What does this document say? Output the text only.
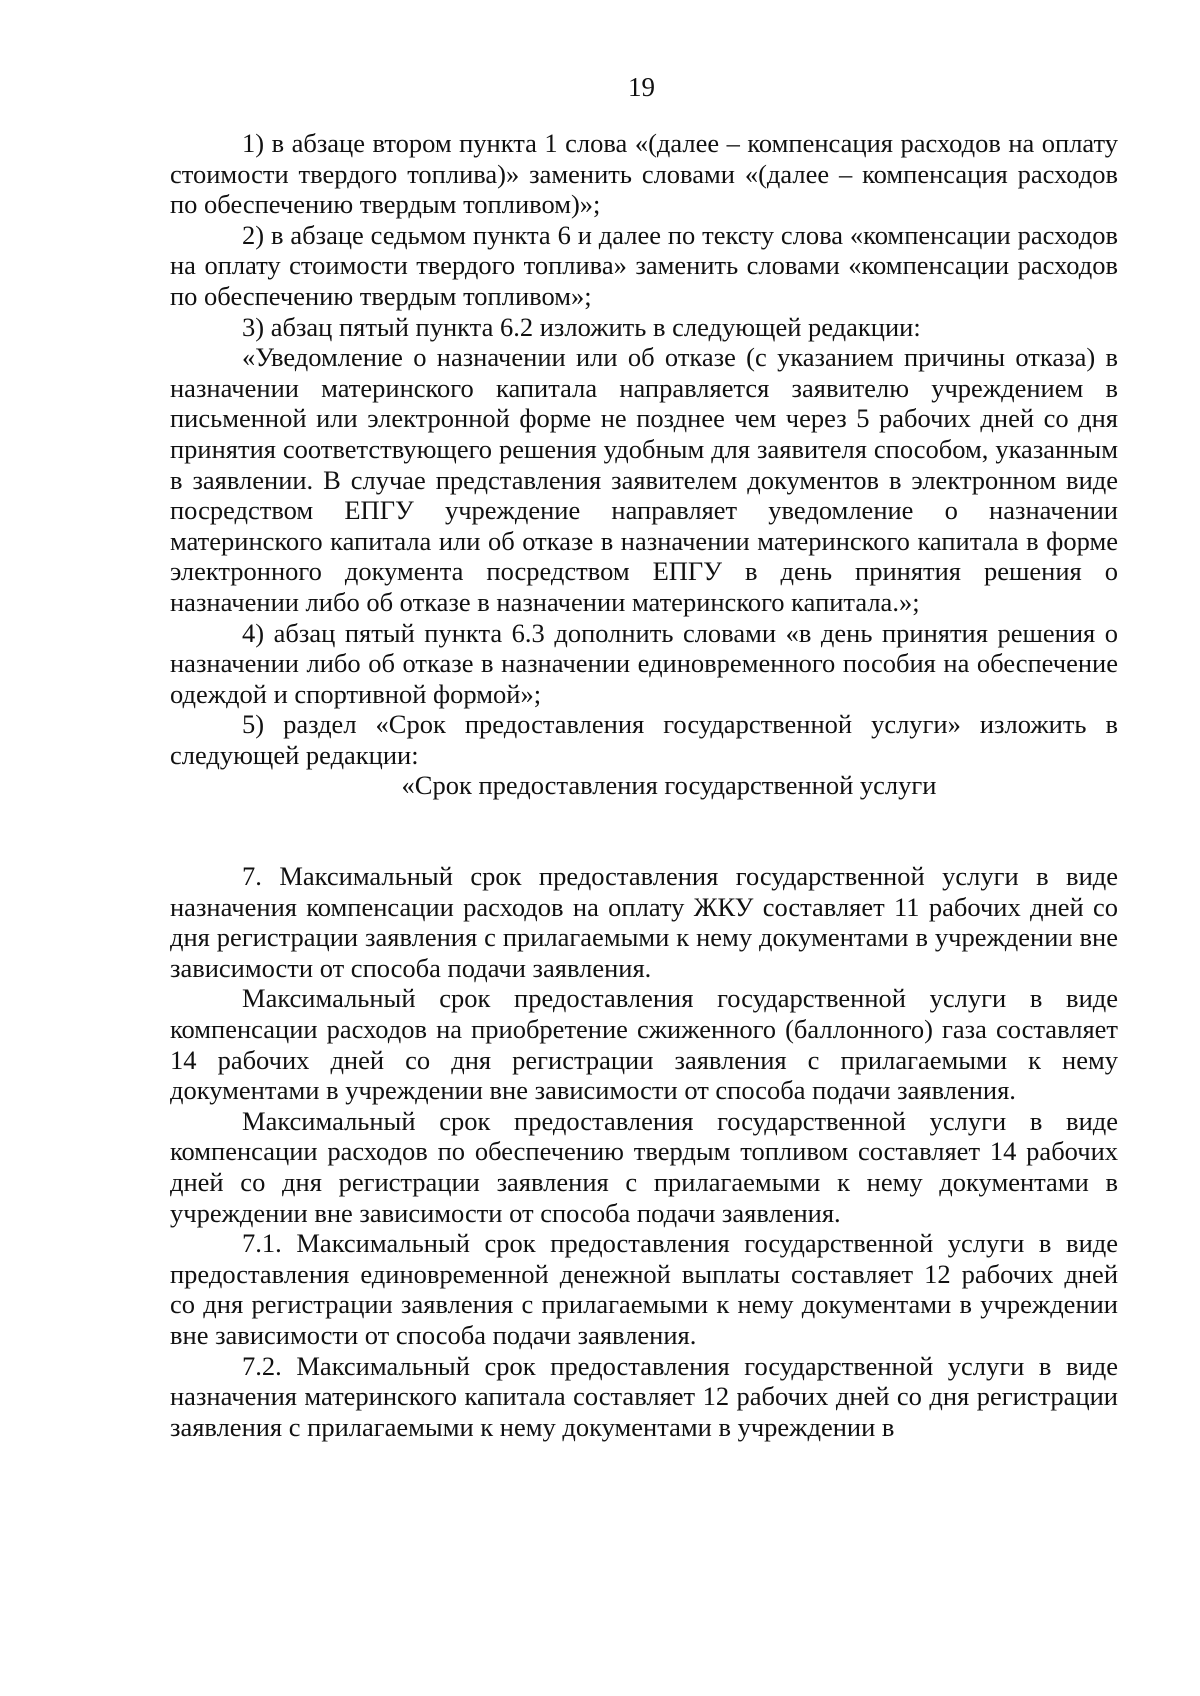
19

1) в абзаце втором пункта 1 слова «(далее – компенсация расходов на оплату стоимости твердого топлива)» заменить словами «(далее – компенсация расходов по обеспечению твердым топливом)»;

2) в абзаце седьмом пункта 6 и далее по тексту слова «компенсации расходов на оплату стоимости твердого топлива» заменить словами «компенсации расходов по обеспечению твердым топливом»;

3) абзац пятый пункта 6.2 изложить в следующей редакции:

«Уведомление о назначении или об отказе (с указанием причины отказа) в назначении материнского капитала направляется заявителю учреждением в письменной или электронной форме не позднее чем через 5 рабочих дней со дня принятия соответствующего решения удобным для заявителя способом, указанным в заявлении. В случае представления заявителем документов в электронном виде посредством ЕПГУ учреждение направляет уведомление о назначении материнского капитала или об отказе в назначении материнского капитала в форме электронного документа посредством ЕПГУ в день принятия решения о назначении либо об отказе в назначении материнского капитала.»;

4) абзац пятый пункта 6.3 дополнить словами «в день принятия решения о назначении либо об отказе в назначении единовременного пособия на обеспечение одеждой и спортивной формой»;

5) раздел «Срок предоставления государственной услуги» изложить в следующей редакции:

«Срок предоставления государственной услуги

7. Максимальный срок предоставления государственной услуги в виде назначения компенсации расходов на оплату ЖКУ составляет 11 рабочих дней со дня регистрации заявления с прилагаемыми к нему документами в учреждении вне зависимости от способа подачи заявления.

Максимальный срок предоставления государственной услуги в виде компенсации расходов на приобретение сжиженного (баллонного) газа составляет 14 рабочих дней со дня регистрации заявления с прилагаемыми к нему документами в учреждении вне зависимости от способа подачи заявления.

Максимальный срок предоставления государственной услуги в виде компенсации расходов по обеспечению твердым топливом составляет 14 рабочих дней со дня регистрации заявления с прилагаемыми к нему документами в учреждении вне зависимости от способа подачи заявления.

7.1. Максимальный срок предоставления государственной услуги в виде предоставления единовременной денежной выплаты составляет 12 рабочих дней со дня регистрации заявления с прилагаемыми к нему документами в учреждении вне зависимости от способа подачи заявления.

7.2. Максимальный срок предоставления государственной услуги в виде назначения материнского капитала составляет 12 рабочих дней со дня регистрации заявления с прилагаемыми к нему документами в учреждении в
